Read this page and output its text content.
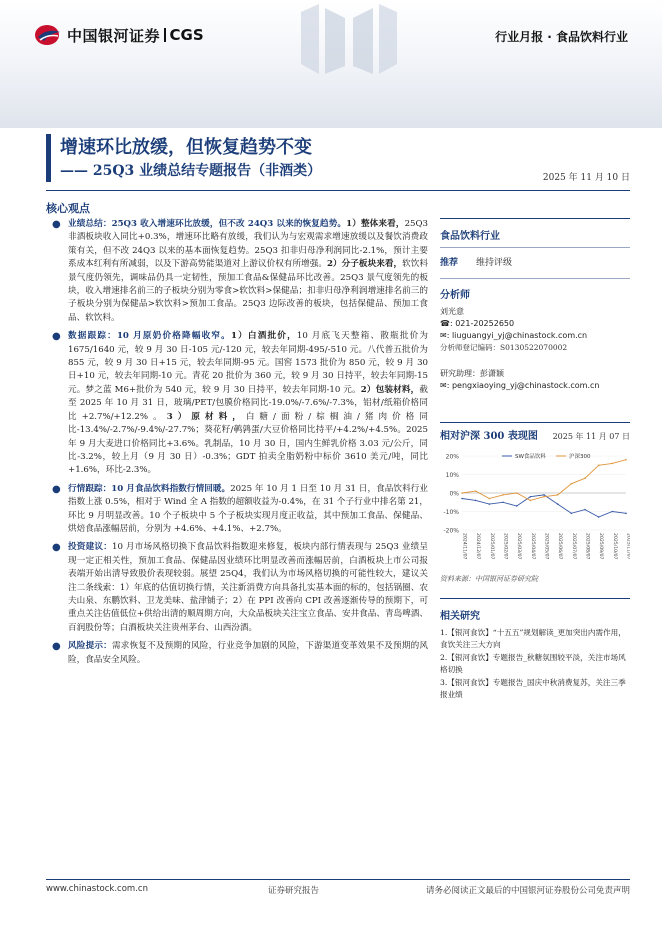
中国银河证券 CGS	行业月报 · 食品饮料行业
增速环比放缓，但恢复趋势不变
—— 25Q3 业绩总结专题报告（非酒类）	2025 年 11 月 10 日
核心观点
● 业绩总结：25Q3 收入增速环比放缓，但不改 24Q3 以来的恢复趋势。1）整体来看，25Q3 非酒板块收入同比+0.3%，增速环比略有放缓，我们认为与宏观需求增速放缓以及餐饮消费政策有关，但不改 24Q3 以来的基本面恢复趋势。25Q3 扣非归母净利润同比-2.1%，预计主要系成本红利有所减弱，以及下游高势能渠道对上游议价权有所增强。2）分子板块来看，软饮料景气度仍领先，调味品仍具一定韧性，预加工食品&保健品环比改善。25Q3 景气度领先的板块，收入增速排名前三的子板块分别为零食>软饮料>保健品；扣非归母净利润增速排名前三的子板块分别为保健品>软饮料>预加工食品。25Q3 边际改善的板块，包括保健品、预加工食品、软饮料。
● 数据跟踪：10 月原奶价格降幅收窄。1）白酒批价，10 月底飞天整箱、散瓶批价为 1675/1640 元，较 9 月 30 日-105 元/-120 元，较去年同期-495/-510 元。八代普五批价为 855 元，较 9 月 30 日+15 元，较去年同期-95 元。国窖 1573 批价为 850 元，较 9 月 30 日+10 元，较去年同期-10 元。青花 20 批价为 360 元，较 9 月 30 日持平，较去年同期-15 元。梦之蓝 M6+批价为 540 元，较 9 月 30 日持平，较去年同期-10 元。2）包装材料，截至 2025 年 10 月 31 日，玻璃/PET/包膜价格同比-19.0%/-7.6%/-7.3%，铝材/纸箱价格同比+2.7%/+12.2%。3）原材料，白糖/面粉/棕榈油/猪肉价格同比-13.4%/-2.7%/-9.4%/-27.7%；葵花籽/鹌鹑蛋/大豆价格同比持平/+4.2%/+4.5%。2025 年 9 月大麦进口价格同比+3.6%。乳制品，10 月 30 日，国内生鲜乳价格 3.03 元/公斤，同比-3.2%，较上月（9 月 30 日）-0.3%；GDT 拍卖全脂奶粉中标价 3610 美元/吨，同比+1.6%，环比-2.3%。
● 行情跟踪：10 月食品饮料指数行情回暖。2025 年 10 月 1 日至 10 月 31 日，食品饮料行业指数上涨 0.5%，相对于 Wind 全 A 指数的超额收益为-0.4%，在 31 个子行业中排名第 21，环比 9 月明显改善。10 个子板块中 5 个子板块实现月度正收益，其中预加工食品、保健品、烘焙食品涨幅居前，分别为 +4.6%、+4.1%、+2.7%。
● 投资建议：10 月市场风格切换下食品饮料指数迎来修复，板块内部行情表现与 25Q3 业绩呈现一定正相关性，预加工食品、保健品因业绩环比明显改善而涨幅居前，白酒板块上市公司报表端开始出清导致股价表现较弱。展望 25Q4，我们认为市场风格切换的可能性较大，建议关注二条线索：1）年底的估值切换行情，关注新消费方向具备扎实基本面的标的，包括锅圈、农夫山泉、东鹏饮料、卫龙美味、盐津铺子；2）在 PPI 改善向 CPI 改善逐渐传导的预期下，可重点关注估值低位+供给出清的顺周期方向，大众品板块关注宝立食品、安井食品、青岛啤酒、百润股份等；白酒板块关注贵州茅台、山西汾酒。
● 风险提示：需求恢复不及预期的风险，行业竞争加剧的风险，下游渠道变革效果不及预期的风险，食品安全风险。
食品饮料行业
推荐	维持评级
分析师
刘光意
☎: 021-20252650
✉: liuguangyi_yj@chinastock.com.cn
分析师登记编码：S0130522070002
研究助理：彭潇颖
✉: pengxiaoying_yj@chinastock.com.cn
相对沪深 300 表现图 2025 年 11 月 07 日
20%
10%
0%
-10%
-20%
2024/11/07 2024/12/07 2025/01/07 2025/02/07 2025/03/07 2025/04/07 2025/05/07 2025/06/07 2025/07/07 2025/08/07 2025/09/07 2025/10/07 2025/11/07
SW食品饮料	沪深300
资料来源：中国银河证券研究院
相关研究
1.【银河食饮】“十五五”规划解读_更加突出内需作用，食饮关注三大方向
2.【银河食饮】专题报告_秋糖氛围较平淡，关注市场风格切换
3.【银河食饮】专题报告_国庆中秋消费复苏，关注三季报业绩
www.chinastock.com.cn	证券研究报告	请务必阅读正文最后的中国银河证券股份公司免责声明
